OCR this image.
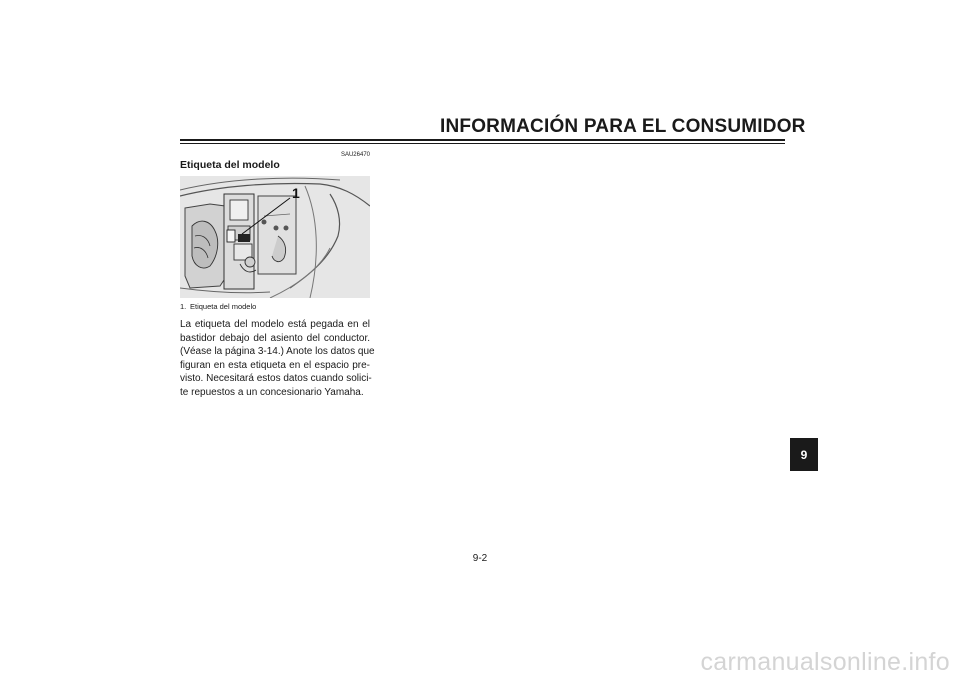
INFORMACIÓN PARA EL CONSUMIDOR
SAU26470
Etiqueta del modelo
1
1. Etiqueta del modelo

La etiqueta del modelo está pegada en el
bastidor debajo del asiento del conductor.
(Véase la página 3-14.) Anote los datos que
figuran en esta etiqueta en el espacio pre-
visto. Necesitará estos datos cuando solici-
te repuestos a un concesionario Yamaha.

9
9-2
carmanualsonline.info
